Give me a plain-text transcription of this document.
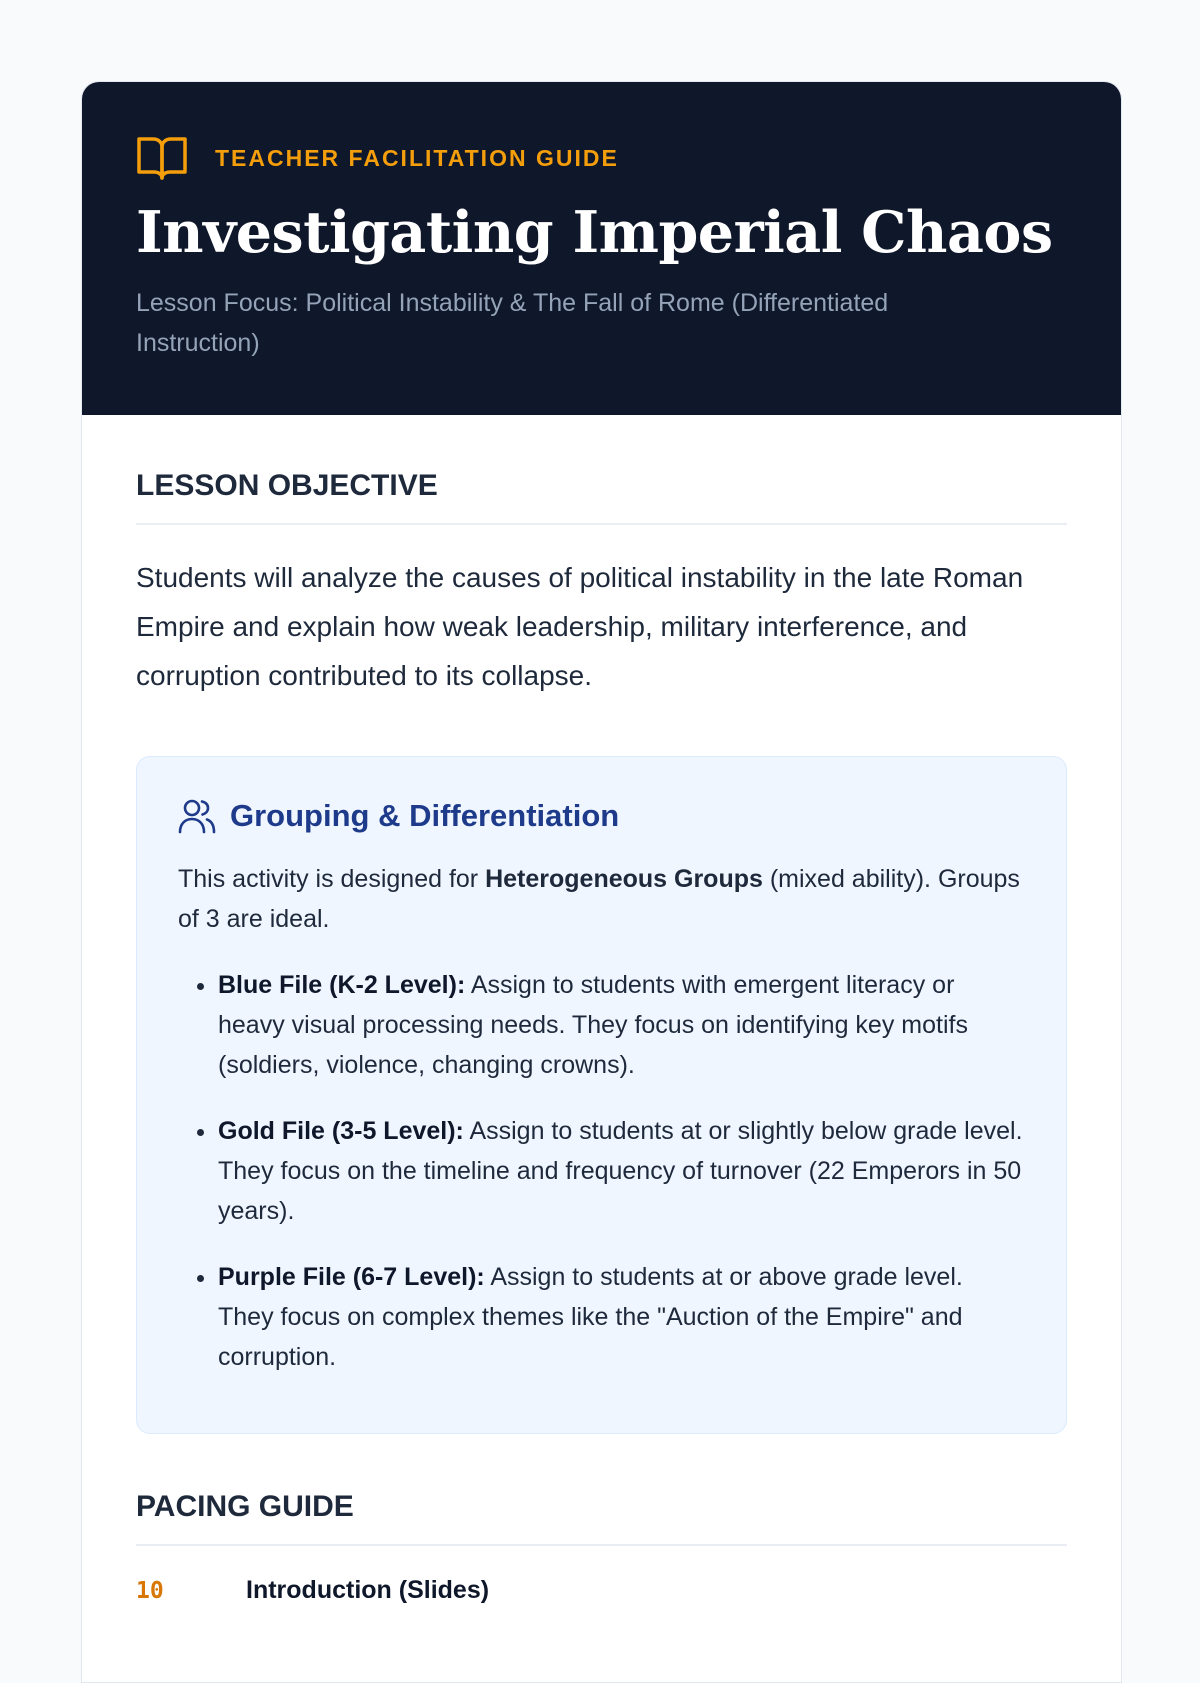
TEACHER FACILITATION GUIDE
Investigating Imperial Chaos
Lesson Focus: Political Instability & The Fall of Rome (Differentiated Instruction)
LESSON OBJECTIVE

Students will analyze the causes of political instability in the late Roman Empire and explain how weak leadership, military interference, and corruption contributed to its collapse.

Grouping & Differentiation

This activity is designed for Heterogeneous Groups (mixed ability). Groups of 3 are ideal.

• Blue File (K-2 Level): Assign to students with emergent literacy or heavy visual processing needs. They focus on identifying key motifs (soldiers, violence, changing crowns).
• Gold File (3-5 Level): Assign to students at or slightly below grade level. They focus on the timeline and frequency of turnover (22 Emperors in 50 years).
• Purple File (6-7 Level): Assign to students at or above grade level. They focus on complex themes like the "Auction of the Empire" and corruption.
PACING GUIDE
10	Introduction (Slides)
